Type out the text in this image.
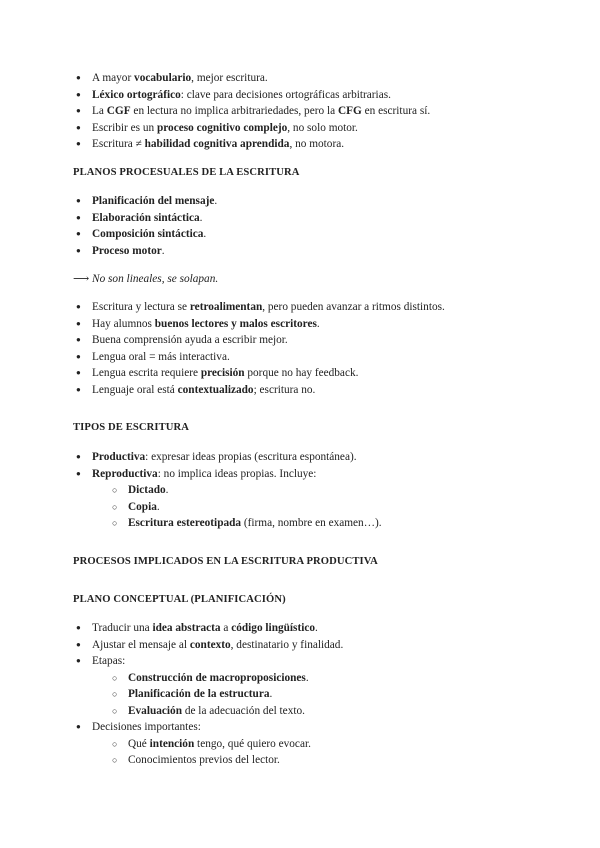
● A mayor vocabulario, mejor escritura.
● Léxico ortográfico: clave para decisiones ortográficas arbitrarias.
● La CGF en lectura no implica arbitrariedades, pero la CFG en escritura sí.
● Escribir es un proceso cognitivo complejo, no solo motor.
● Escritura ≠ habilidad cognitiva aprendida, no motora.
PLANOS PROCESUALES DE LA ESCRITURA
● Planificación del mensaje.
● Elaboración sintáctica.
● Composición sintáctica.
● Proceso motor.
⟶ No son lineales, se solapan.
● Escritura y lectura se retroalimentan, pero pueden avanzar a ritmos distintos.
● Hay alumnos buenos lectores y malos escritores.
● Buena comprensión ayuda a escribir mejor.
● Lengua oral = más interactiva.
● Lengua escrita requiere precisión porque no hay feedback.
● Lenguaje oral está contextualizado; escritura no.
TIPOS DE ESCRITURA
● Productiva: expresar ideas propias (escritura espontánea).
● Reproductiva: no implica ideas propias. Incluye:
○ Dictado.
○ Copia.
○ Escritura estereotipada (firma, nombre en examen…).
PROCESOS IMPLICADOS EN LA ESCRITURA PRODUCTIVA
PLANO CONCEPTUAL (PLANIFICACIÓN)
● Traducir una idea abstracta a código lingüístico.
● Ajustar el mensaje al contexto, destinatario y finalidad.
● Etapas:
○ Construcción de macroproposiciones.
○ Planificación de la estructura.
○ Evaluación de la adecuación del texto.
● Decisiones importantes:
○ Qué intención tengo, qué quiero evocar.
○ Conocimientos previos del lector.
